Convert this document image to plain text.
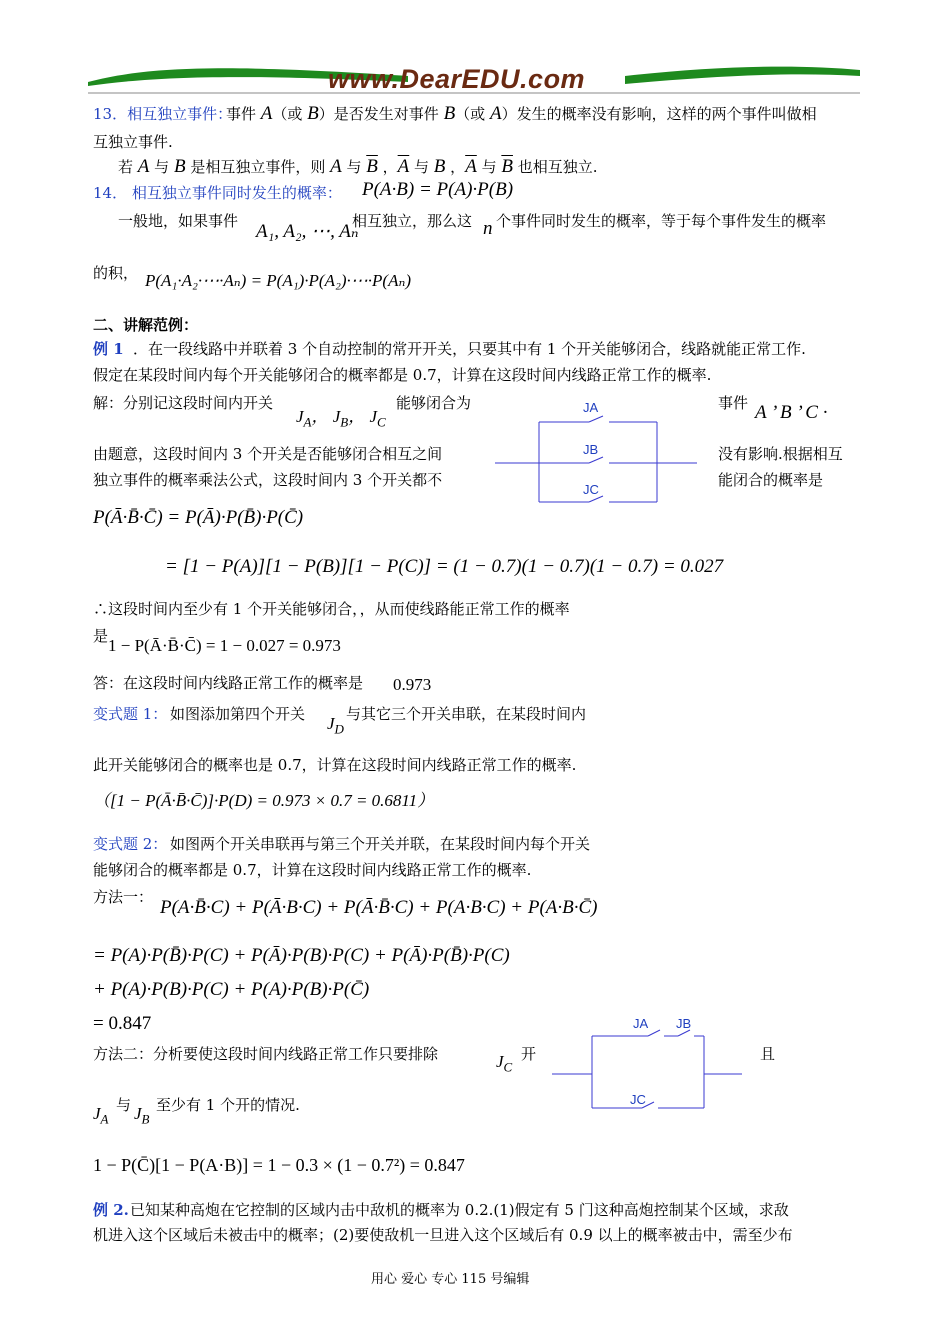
www.DearEDU.com
13．相互独立事件：
事件 A（或 B）是否发生对事件 B（或 A）发生的概率没有影响，这样的两个事件叫做相
互独立事件.
若 A 与 B 是相互独立事件，则 A 与 $\overline{B}$ ，$\overline{A}$ 与 B ，$\overline{A}$ 与 $\overline{B}$ 也相互独立.
14． 相互独立事件同时发生的概率： P(A·B) = P(A)·P(B)
一般地，如果事件 A₁, A₂, ⋯, Aₙ
相互独立，那么这 n 个事件同时发生的概率，等于每个事件发生的概率
的积， P(A₁·A₂·⋯·Aₙ) = P(A₁)·P(A₂)·⋯·P(Aₙ)
二、讲解范例：
例 1 ．在一段线路中并联着 3 个自动控制的常开开关，只要其中有 1 个开关能够闭合，线路就能正常工作.
假定在某段时间内每个开关能够闭合的概率都是 0.7，计算在这段时间内线路正常工作的概率.
解：分别记这段时间内开关
$J_A$， $J_B$， $J_C$
能够闭合为	事件 A ’ B ’ C ·
由题意，这段时间内 3 个开关是否能够闭合相互之间	没有影响.根据相互
独立事件的概率乘法公式，这段时间内 3 个开关都不	能闭合的概率是
JA
JB
JC
P(Ā·B̄·C̄) = P(Ā)·P(B̄)·P(C̄)
= [1 − P(A)][1 − P(B)][1 − P(C)] = (1 − 0.7)(1 − 0.7)(1 − 0.7) = 0.027
∴这段时间内至少有 1 个开关能够闭合，，从而使线路能正常工作的概率
是 1 − P(Ā·B̄·C̄) = 1 − 0.027 = 0.973
答：在这段时间内线路正常工作的概率是 0.973
变式题 1： 如图添加第四个开关 $J_D$
与其它三个开关串联，在某段时间内
此开关能够闭合的概率也是 0.7，计算在这段时间内线路正常工作的概率.
（[1 − P(Ā·B̄·C̄)]·P(D) = 0.973 × 0.7 = 0.6811）
变式题 2： 如图两个开关串联再与第三个开关并联，在某段时间内每个开关
能够闭合的概率都是 0.7，计算在这段时间内线路正常工作的概率.
方法一： P(A·B̄·C) + P(Ā·B·C) + P(Ā·B̄·C) + P(A·B·C) + P(A·B·C̄)
= P(A)·P(B̄)·P(C) + P(Ā)·P(B)·P(C) + P(Ā)·P(B̄)·P(C)
+ P(A)·P(B)·P(C) + P(A)·P(B)·P(C̄)
= 0.847
方法二：分析要使这段时间内线路正常工作只要排除	$J_C$
开	且
$J_A$
与 $J_B$
至少有 1 个开的情况.
JA JB
JC
1 − P(C̄)[1 − P(A·B)] = 1 − 0.3 × (1 − 0.7²) = 0.847
例 2. 已知某种高炮在它控制的区域内击中敌机的概率为 0.2.(1)假定有 5 门这种高炮控制某个区域，求敌
机进入这个区域后未被击中的概率；(2)要使敌机一旦进入这个区域后有 0.9 以上的概率被击中，需至少布
用心 爱心 专心 115 号编辑
